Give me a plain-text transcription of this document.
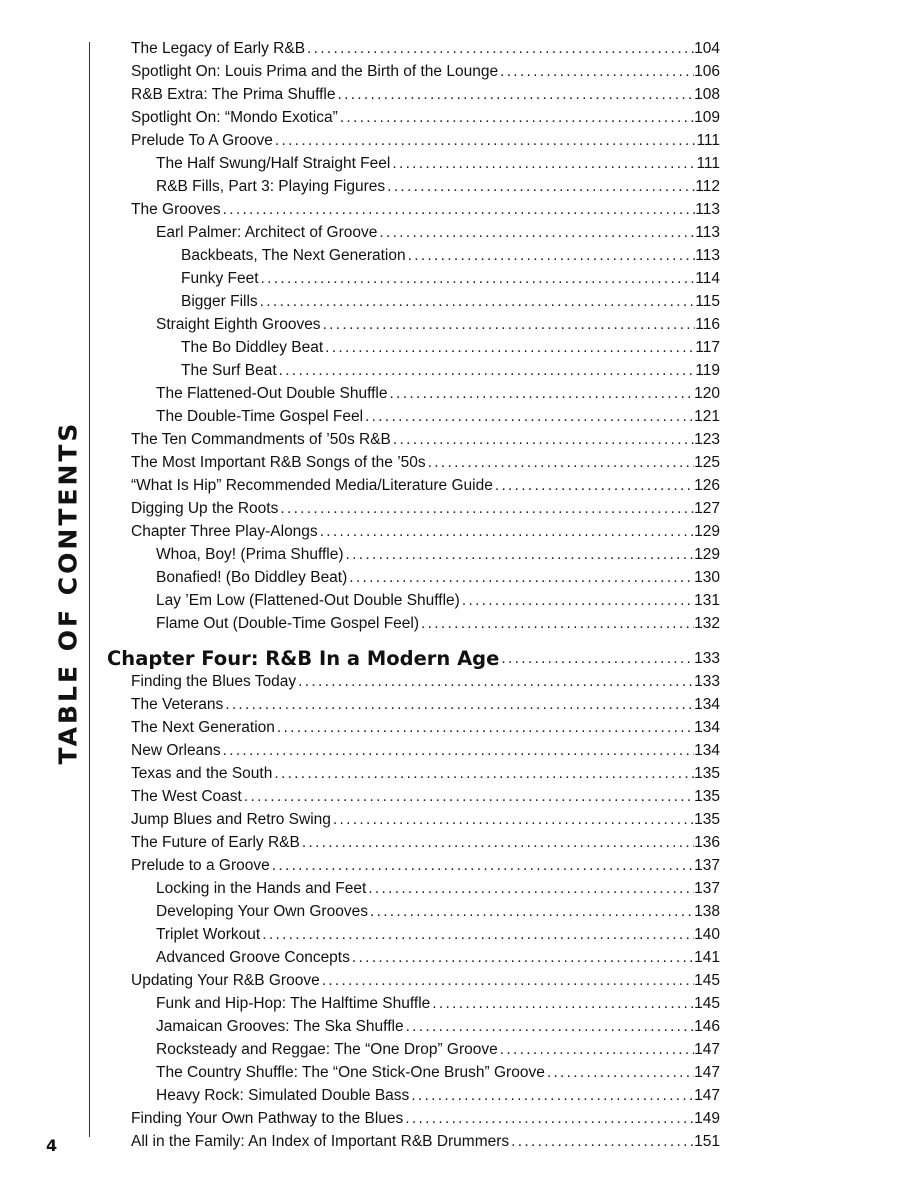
TABLE OF CONTENTS
4
The Legacy of Early R&B . . .	104
Spotlight On: Louis Prima and the Birth of the Lounge . . .	106
R&B Extra: The Prima Shuffle . . .	108
Spotlight On: “Mondo Exotica” . . .	109
Prelude To A Groove . . .	111
The Half Swung/Half Straight Feel . . .	111
R&B Fills, Part 3: Playing Figures . . .	112
The Grooves . . .	113
Earl Palmer: Architect of Groove . . .	113
Backbeats, The Next Generation . . .	113
Funky Feet . . .	114
Bigger Fills . . .	115
Straight Eighth Grooves . . .	116
The Bo Diddley Beat . . .	117
The Surf Beat . . .	119
The Flattened-Out Double Shuffle . . .	120
The Double-Time Gospel Feel . . .	121
The Ten Commandments of ’50s R&B . . .	123
The Most Important R&B Songs of the ’50s . . .	125
“What Is Hip” Recommended Media/Literature Guide . . .	126
Digging Up the Roots . . .	127
Chapter Three Play-Alongs . . .	129
Whoa, Boy! (Prima Shuffle) . . .	129
Bonafied! (Bo Diddley Beat) . . .	130
Lay ’Em Low (Flattened-Out Double Shuffle) . . .	131
Flame Out (Double-Time Gospel Feel) . . .	132
Chapter Four: R&B In a Modern Age . . .	133
Finding the Blues Today . . .	133
The Veterans . . .	134
The Next Generation . . .	134
New Orleans . . .	134
Texas and the South . . .	135
The West Coast . . .	135
Jump Blues and Retro Swing . . .	135
The Future of Early R&B . . .	136
Prelude to a Groove . . .	137
Locking in the Hands and Feet . . .	137
Developing Your Own Grooves . . .	138
Triplet Workout . . .	140
Advanced Groove Concepts . . .	141
Updating Your R&B Groove . . .	145
Funk and Hip-Hop: The Halftime Shuffle . . .	145
Jamaican Grooves: The Ska Shuffle . . .	146
Rocksteady and Reggae: The “One Drop” Groove . . .	147
The Country Shuffle: The “One Stick-One Brush” Groove . . .	147
Heavy Rock: Simulated Double Bass . . .	147
Finding Your Own Pathway to the Blues . . .	149
All in the Family: An Index of Important R&B Drummers . . .	151
